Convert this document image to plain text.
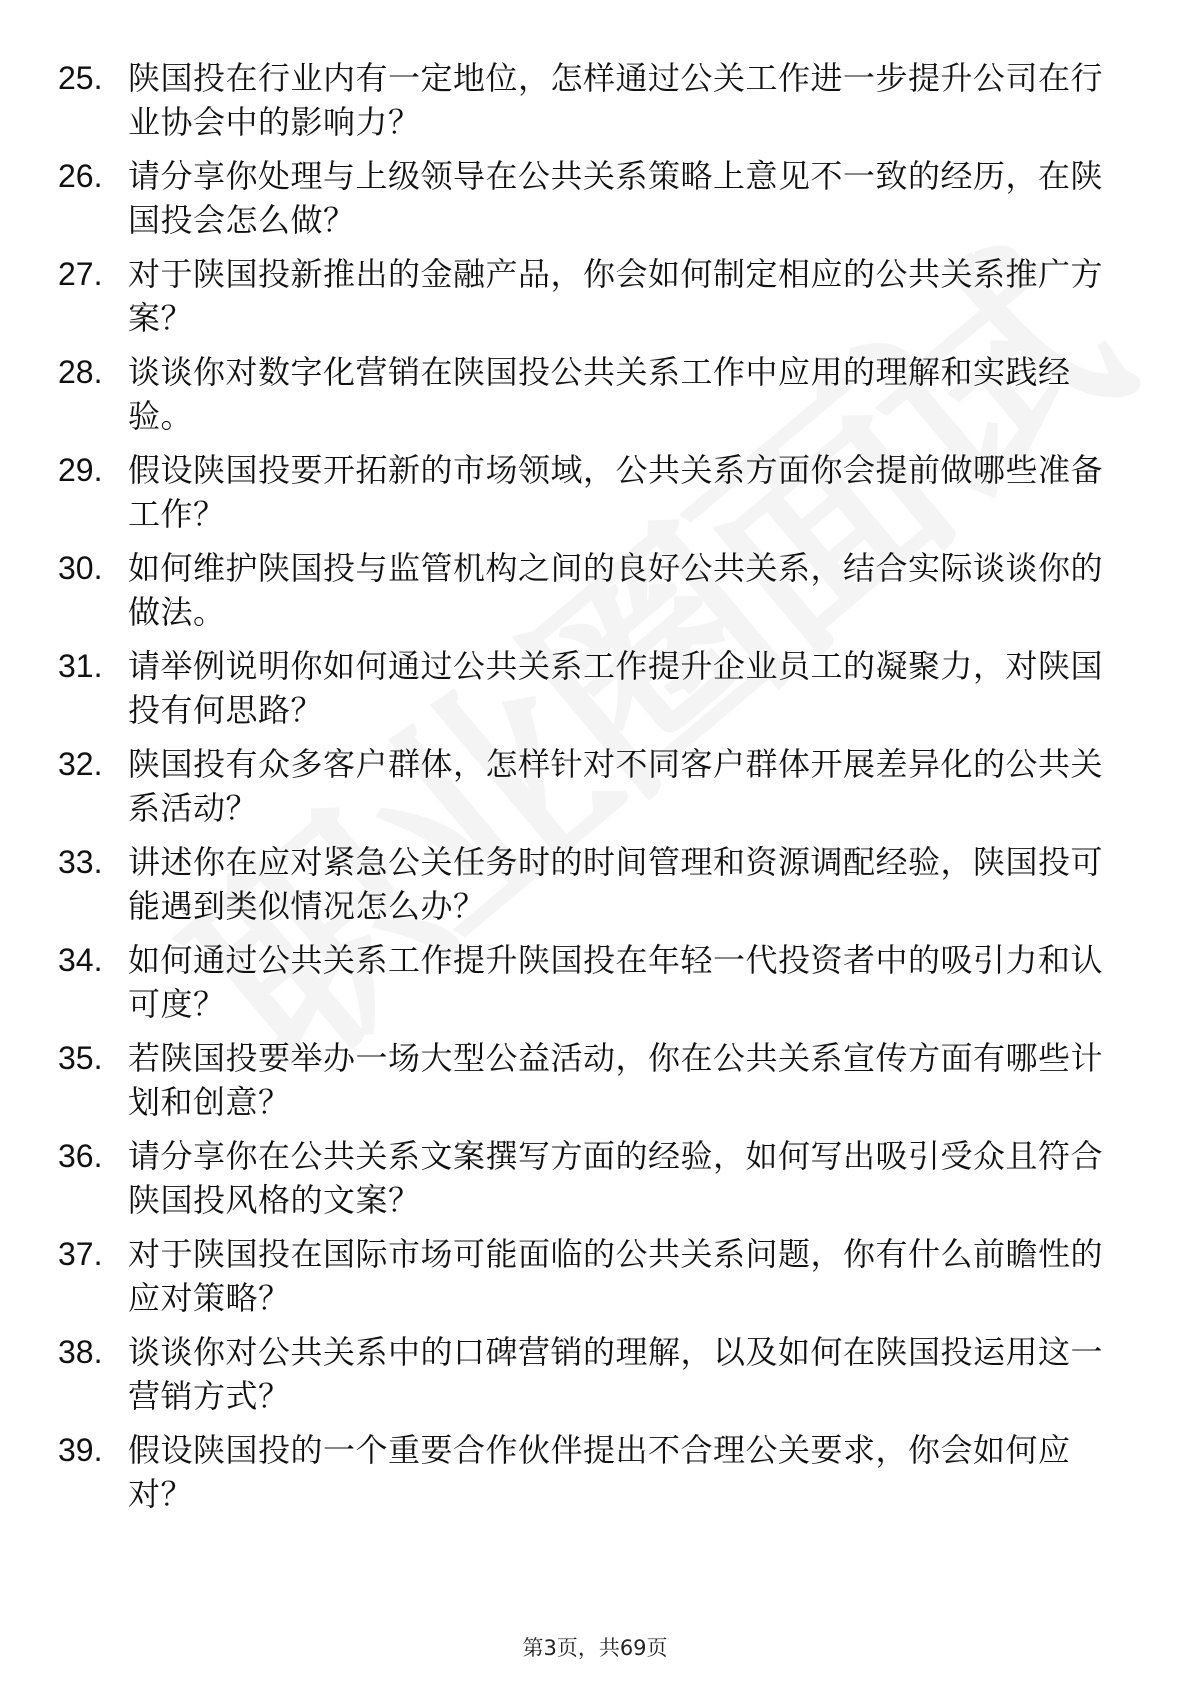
25. 陕国投在行业内有一定地位，怎样通过公关工作进一步提升公司在行业协会中的影响力？
26. 请分享你处理与上级领导在公共关系策略上意见不一致的经历，在陕国投会怎么做？
27. 对于陕国投新推出的金融产品，你会如何制定相应的公共关系推广方案？
28. 谈谈你对数字化营销在陕国投公共关系工作中应用的理解和实践经验。
29. 假设陕国投要开拓新的市场领域，公共关系方面你会提前做哪些准备工作？
30. 如何维护陕国投与监管机构之间的良好公共关系，结合实际谈谈你的做法。
31. 请举例说明你如何通过公共关系工作提升企业员工的凝聚力，对陕国投有何思路？
32. 陕国投有众多客户群体，怎样针对不同客户群体开展差异化的公共关系活动？
33. 讲述你在应对紧急公关任务时的时间管理和资源调配经验，陕国投可能遇到类似情况怎么办？
34. 如何通过公共关系工作提升陕国投在年轻一代投资者中的吸引力和认可度？
35. 若陕国投要举办一场大型公益活动，你在公共关系宣传方面有哪些计划和创意？
36. 请分享你在公共关系文案撰写方面的经验，如何写出吸引受众且符合陕国投风格的文案？
37. 对于陕国投在国际市场可能面临的公共关系问题，你有什么前瞻性的应对策略？
38. 谈谈你对公共关系中的口碑营销的理解，以及如何在陕国投运用这一营销方式？
39. 假设陕国投的一个重要合作伙伴提出不合理公关要求，你会如何应对？
第3页，共69页
